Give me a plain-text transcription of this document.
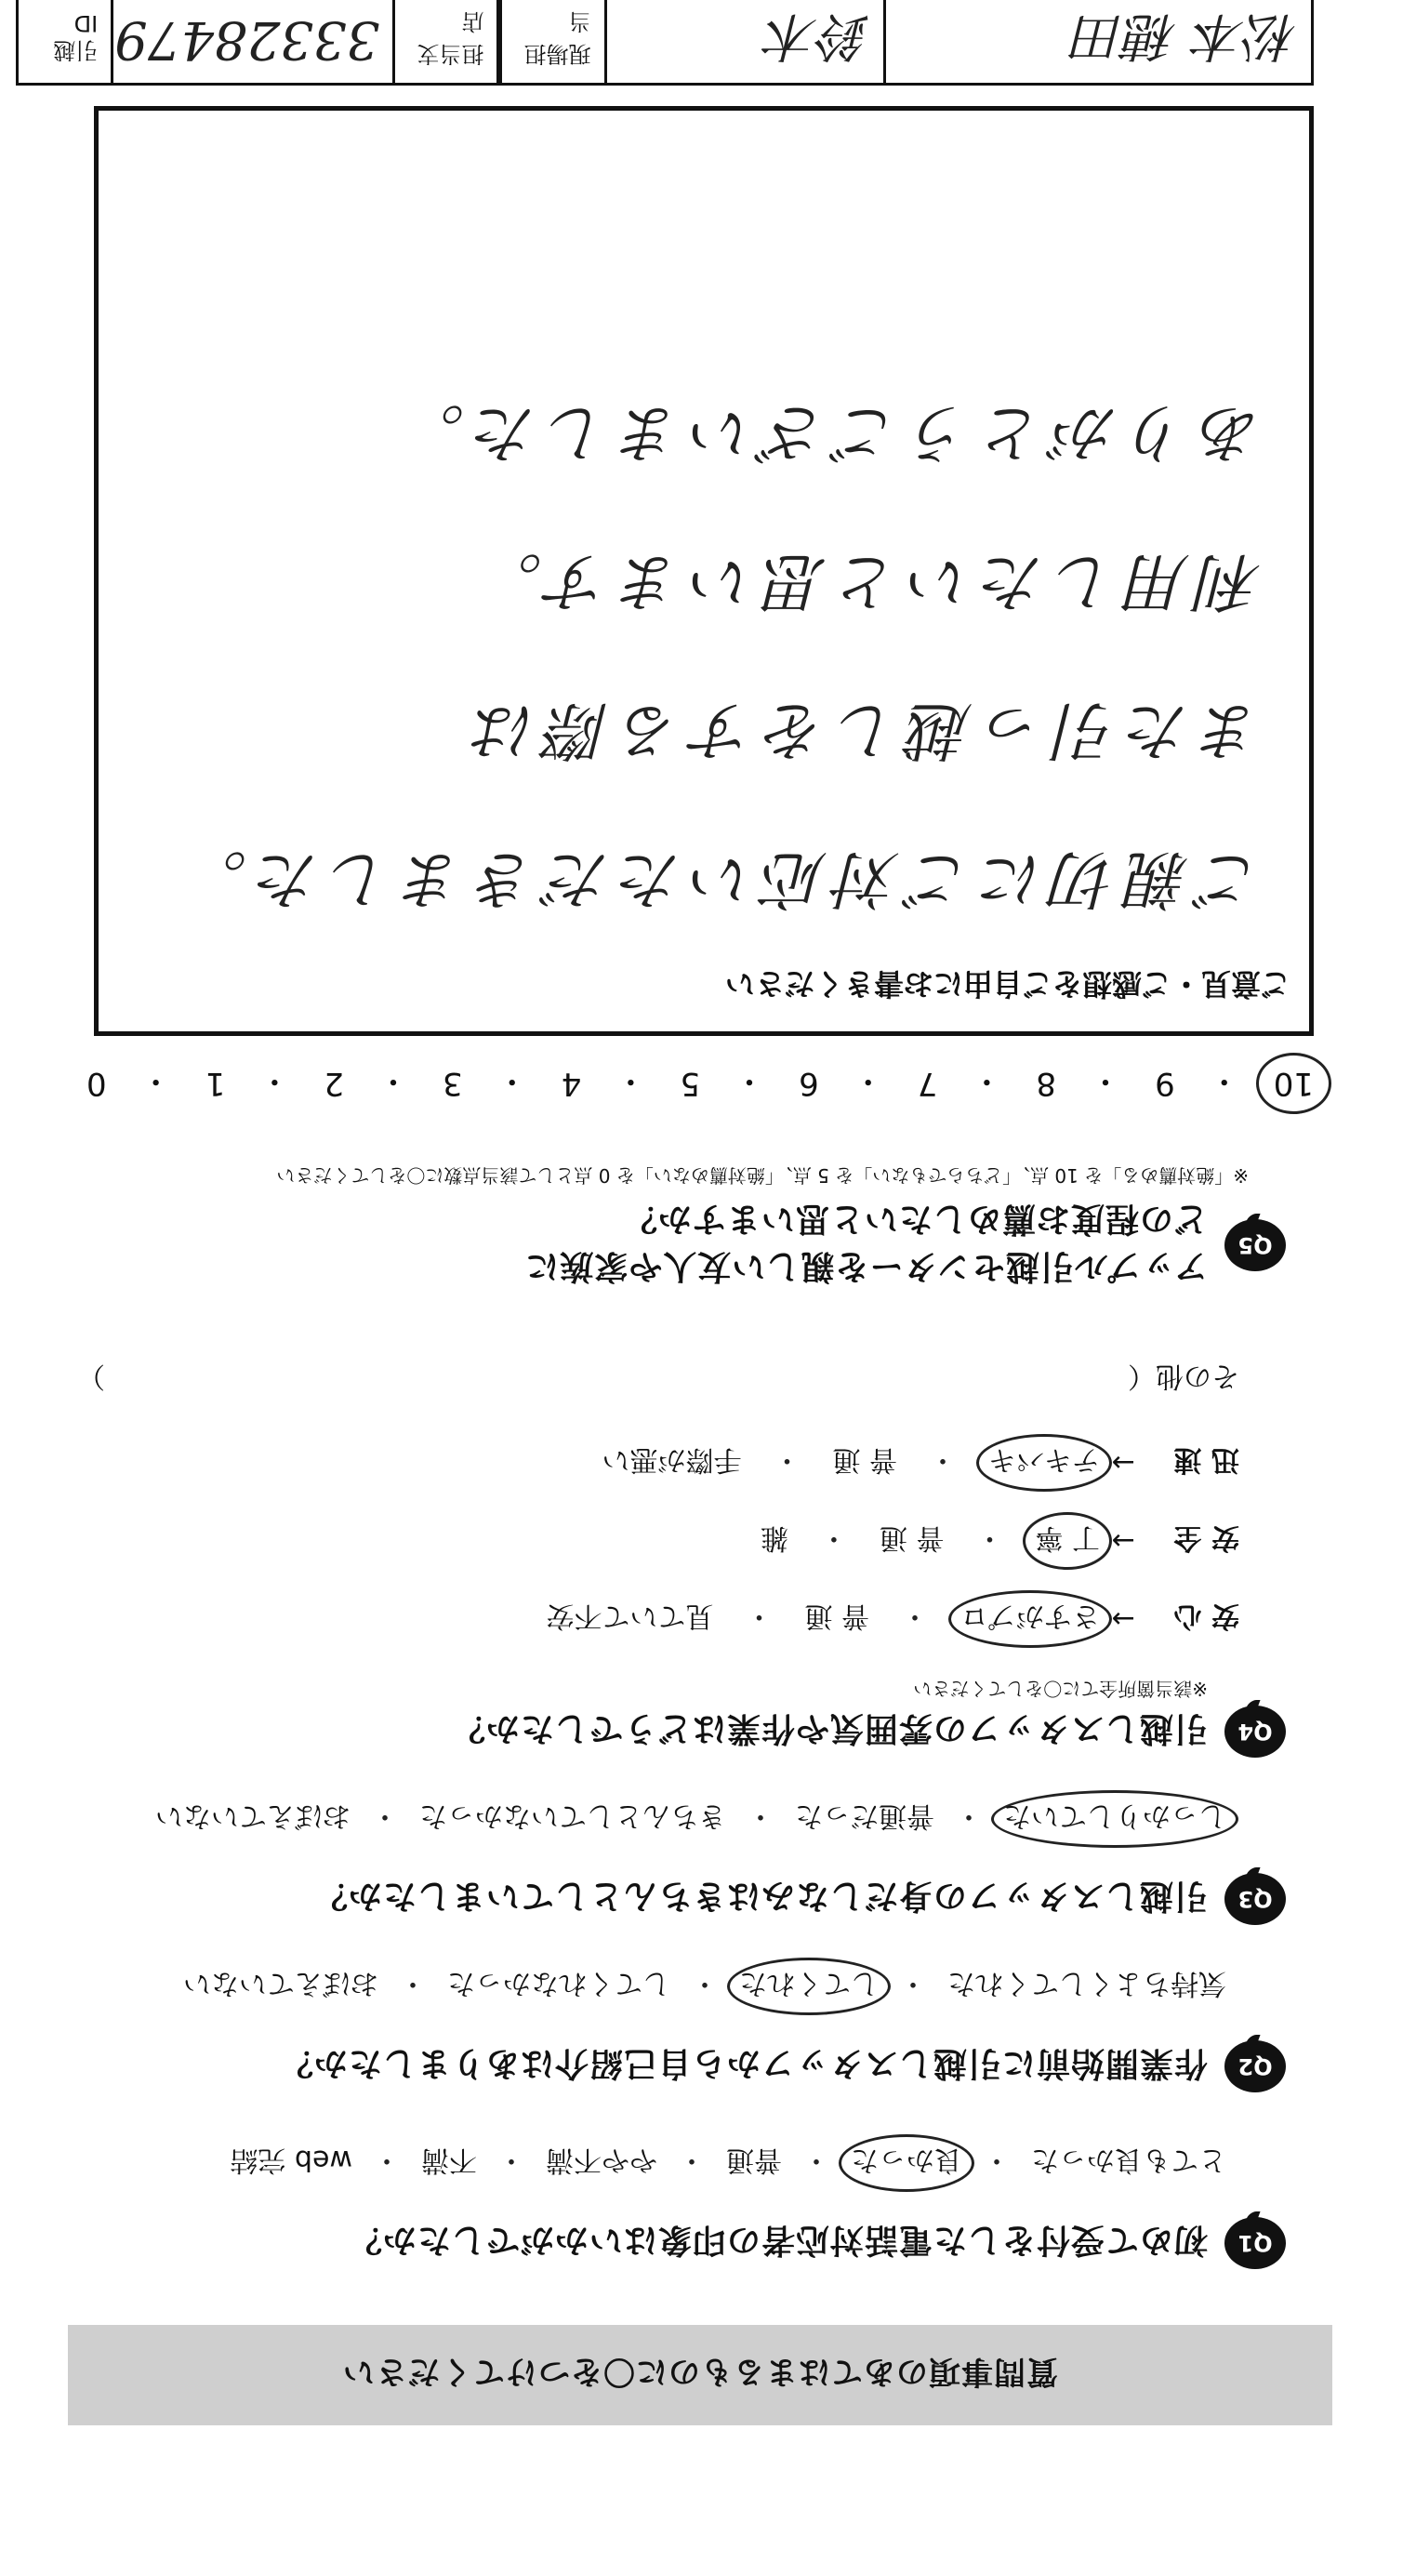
質問事項のあてはまるものに〇をつけてください
Q1
初めて受付をした電話対応者の印象はいかがでしたか？
とても良かった
・
良かった
・
普通
・
やや不満
・
不満
・
web 完結
Q2
作業開始前に引越しスタッフから自己紹介はありましたか？
気持ちよくしてくれた
・
してくれた
・
してくれなかった
・
おぼえていない
Q3
引越しスタッフの身だしなみはきちんとしていましたか？
しっかりしていた
・
普通だった
・
きちんとしていなかった
・
おぼえていない
Q4
引越しスタッフの雰囲気や作業はどうでしたか？
※該当箇所全てに〇をしてください
安 心
→
さすがプロ
・
普 通
・
見ていて不安
安 全
→
丁 寧
・
普 通
・
雑
迅 速
→
テキパキ
・
普 通
・
手際が悪い
その他
（
）
Q5
アップル引越センターを親しい友人や家族に
どの程度お薦めしたいと思いますか？
※「絶対薦める」を 10 点、「どちらでもない」を 5 点、「絶対薦めない」を 0 点として該当点数に〇をしてください
10
・
9
・
8
・
7
・
6
・
5
・
4
・
3
・
2
・
1
・
0
ご意見・ご感想をご自由にお書きください
ご親切にご対応いただきました。
また引っ越しをする際は
利用したいと思います。
ありがとうございました。
松本 穂田
鈴木
現場担当
担当支店
33328479
引越 ID
